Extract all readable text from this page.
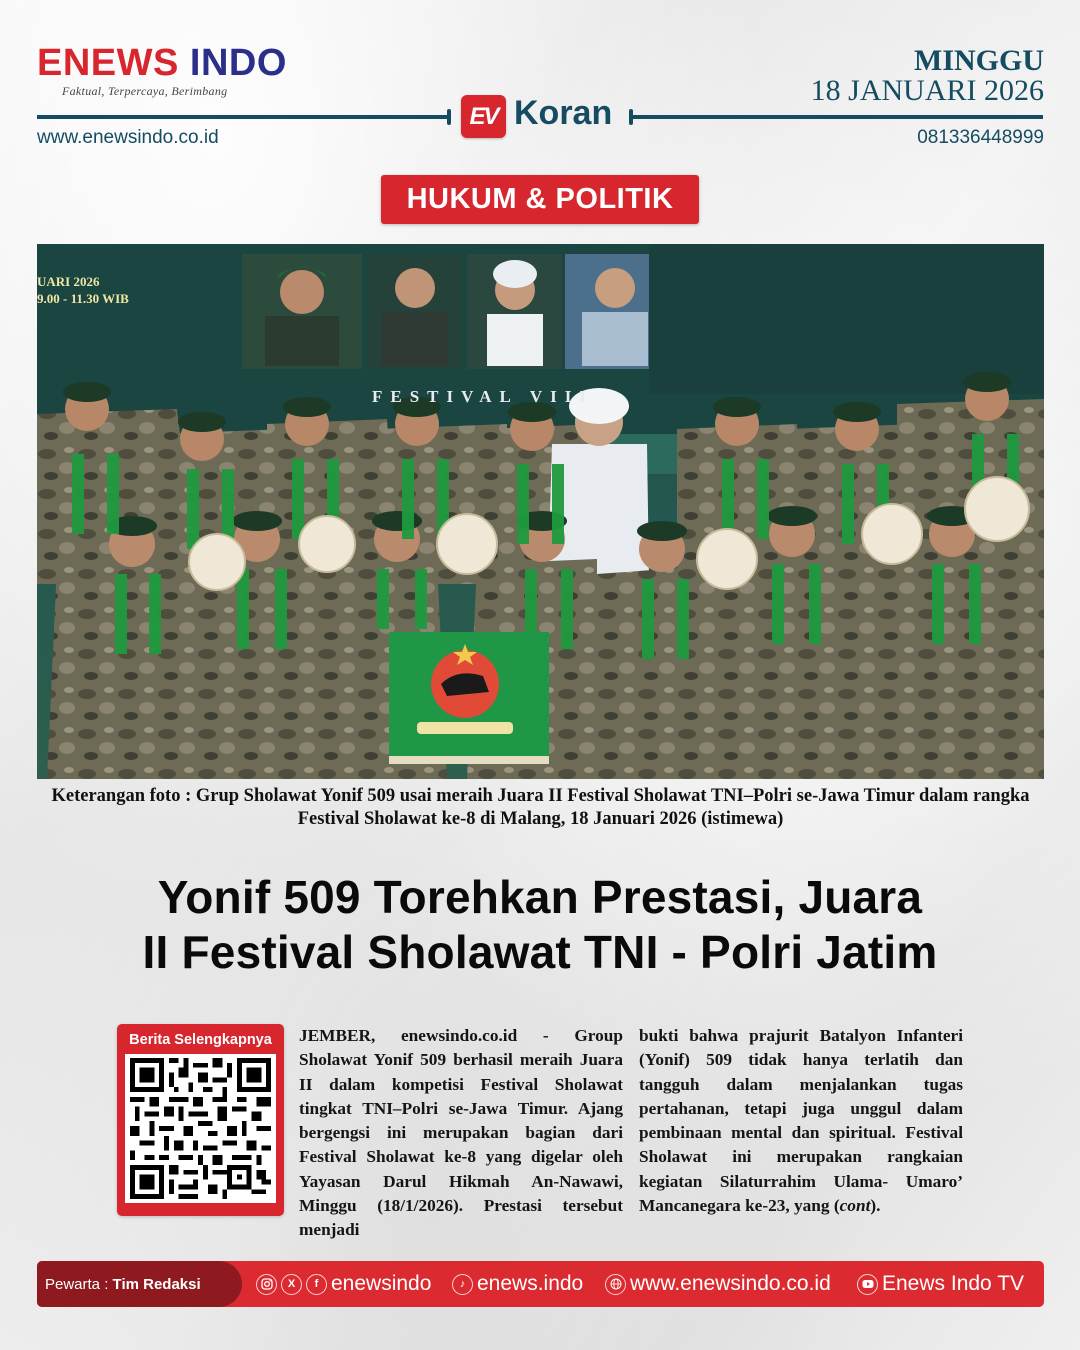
ENEWS INDO
Faktual, Terpercaya, Berimbang
EV Koran
www.enewsindo.co.id
MINGGU
18 JANUARI 2026
081336448999
HUKUM & POLITIK
UARI 2026
9.00 - 11.30 WIB
FESTIVAL VIII
Keterangan foto : Grup Sholawat Yonif 509 usai meraih Juara II Festival Sholawat TNI–Polri se-Jawa Timur dalam rangka Festival Sholawat ke-8 di Malang, 18 Januari 2026 (istimewa)
Yonif 509 Torehkan Prestasi, Juara
II Festival Sholawat TNI - Polri Jatim
Berita Selengkapnya JEMBER, enewsindo.co.id - Group Sholawat Yonif 509 berhasil meraih Juara II dalam kompetisi Festival Sholawat tingkat TNI–Polri se-Jawa Timur. Ajang bergengsi ini merupakan bagian dari Festival Sholawat ke-8 yang digelar oleh Yayasan Darul Hikmah An-Nawawi, Minggu (18/1/2026). Prestasi tersebut menjadi
bukti bahwa prajurit Batalyon Infanteri (Yonif) 509 tidak hanya terlatih dan tangguh dalam menjalankan tugas pertahanan, tetapi juga unggul dalam pembinaan mental dan spiritual. Festival Sholawat ini merupakan rangkaian kegiatan Silaturrahim Ulama- Umaro’ Mancanegara ke-23, yang (cont).
Pewarta :
Tim Redaksi	X	f enewsindo	♪ enews.indo www.enewsindo.co.id Enews Indo TV
